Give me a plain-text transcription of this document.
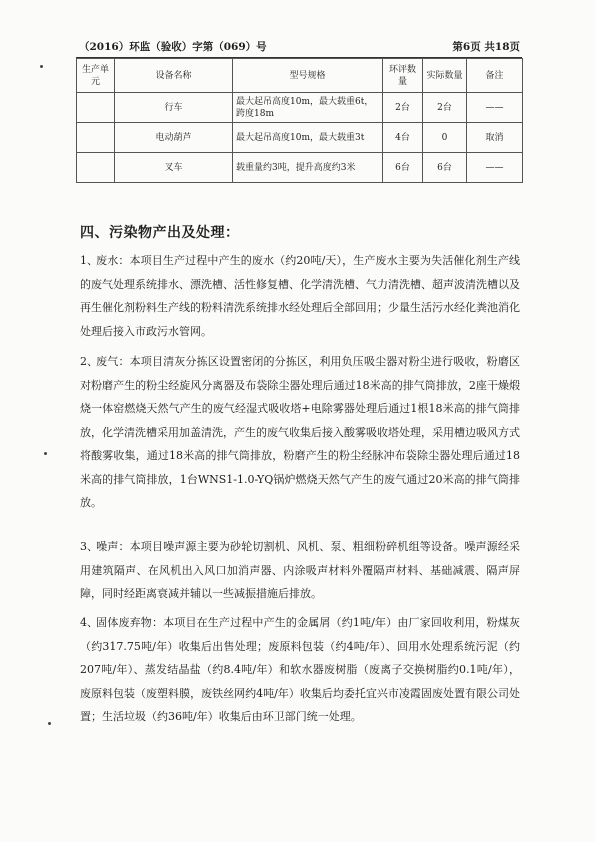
（2016）环监（验收）字第（069）号	第6页 共18页
生产单元	设备名称	型号规格	环评数量	实际数量	备注
	行车	最大起吊高度10m，最大载重6t，跨度18m	2台	2台	——
	电动葫芦	最大起吊高度10m，最大载重3t	4台	0	取消
	叉车	载重量约3吨，提升高度约3米	6台	6台	——
四、污染物产出及处理：
1、废水：本项目生产过程中产生的废水（约20吨/天），生产废水主要为失活催化剂生产线的废气处理系统排水、漂洗槽、活性修复槽、化学清洗槽、气力清洗槽、超声波清洗槽以及再生催化剂粉料生产线的粉料清洗系统排水经处理后全部回用；少量生活污水经化粪池消化处理后接入市政污水管网。
2、废气：本项目清灰分拣区设置密闭的分拣区，利用负压吸尘器对粉尘进行吸收，粉磨区对粉磨产生的粉尘经旋风分离器及布袋除尘器处理后通过18米高的排气筒排放，2座干燥煅烧一体窑燃烧天然气产生的废气经湿式吸收塔+电除雾器处理后通过1根18米高的排气筒排放，化学清洗槽采用加盖清洗，产生的废气收集后接入酸雾吸收塔处理，采用槽边吸风方式将酸雾收集，通过18米高的排气筒排放，粉磨产生的粉尘经脉冲布袋除尘器处理后通过18米高的排气筒排放，1台WNS1-1.0-YQ锅炉燃烧天然气产生的废气通过20米高的排气筒排放。
3、噪声：本项目噪声源主要为砂轮切割机、风机、泵、粗细粉碎机组等设备。噪声源经采用建筑隔声、在风机出入风口加消声器、内涂吸声材料外覆隔声材料、基础减震、隔声屏障，同时经距离衰减并辅以一些减振措施后排放。
4、固体废弃物：本项目在生产过程中产生的金属屑（约1吨/年）由厂家回收利用，粉煤灰（约317.75吨/年）收集后出售处理；废原料包装（约4吨/年）、回用水处理系统污泥（约207吨/年）、蒸发结晶盐（约8.4吨/年）和软水器废树脂（废离子交换树脂约0.1吨/年），废原料包装（废塑料膜，废铁丝网约4吨/年）收集后均委托宜兴市凌霞固废处置有限公司处置；生活垃圾（约36吨/年）收集后由环卫部门统一处理。
